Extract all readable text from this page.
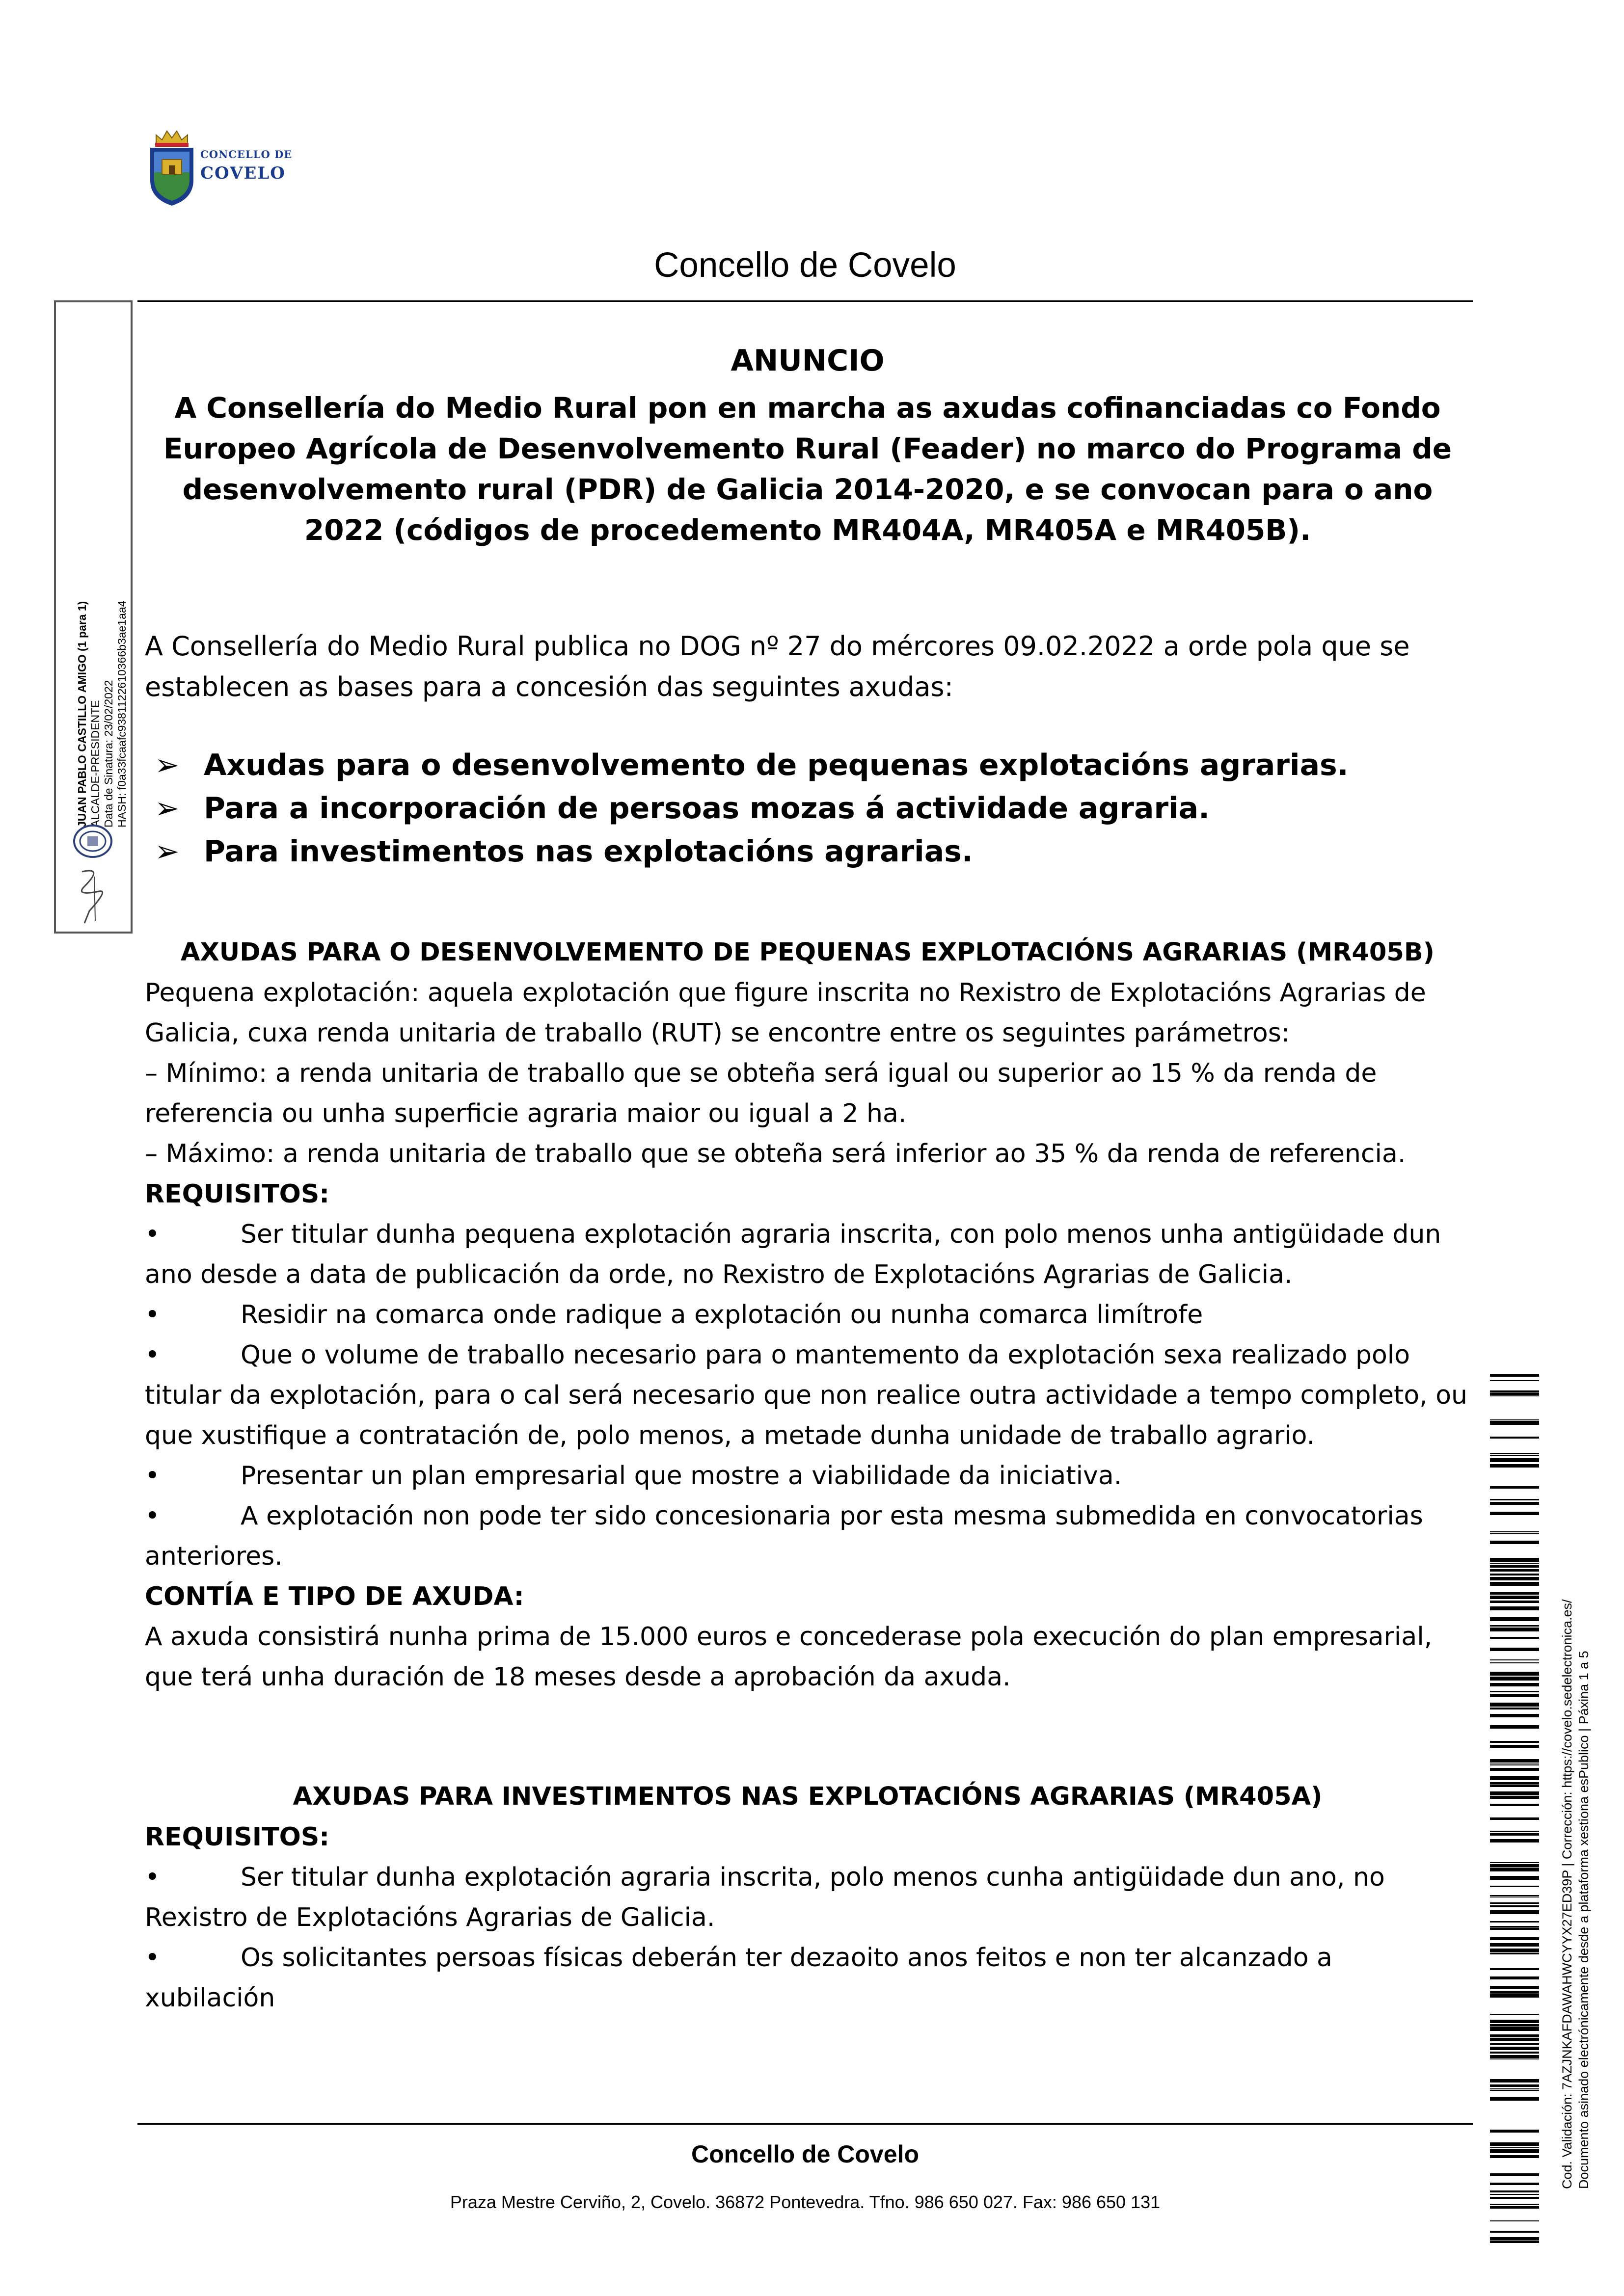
CONCELLO DE
COVELO
Concello de Covelo
JUAN PABLO CASTILLO AMIGO (1 para 1) ALCALDE-PRESIDENTE Data de Sinatura: 23/02/2022 HASH: f0a33fcaafc9381122610366b3ae1aa4
ANUNCIO
A Consellería do Medio Rural pon en marcha as axudas cofinanciadas co Fondo Europeo Agrícola de Desenvolvemento Rural (Feader) no marco do Programa de desenvolvemento rural (PDR) de Galicia 2014-2020, e se convocan para o ano 2022 (códigos de procedemento MR404A, MR405A e MR405B).
A Consellería do Medio Rural publica no DOG nº 27 do mércores 09.02.2022 a orde pola que se establecen as bases para a concesión das seguintes axudas:
➢ Axudas para o desenvolvemento de pequenas explotacións agrarias.
➢ Para a incorporación de persoas mozas á actividade agraria.
➢ Para investimentos nas explotacións agrarias.
AXUDAS PARA O DESENVOLVEMENTO DE PEQUENAS EXPLOTACIÓNS AGRARIAS (MR405B)
Pequena explotación: aquela explotación que figure inscrita no Rexistro de Explotacións Agrarias de Galicia, cuxa renda unitaria de traballo (RUT) se encontre entre os seguintes parámetros:
– Mínimo: a renda unitaria de traballo que se obteña será igual ou superior ao 15 % da renda de referencia ou unha superficie agraria maior ou igual a 2 ha.
– Máximo: a renda unitaria de traballo que se obteña será inferior ao 35 % da renda de referencia.
REQUISITOS:
•	Ser titular dunha pequena explotación agraria inscrita, con polo menos unha antigüidade dun ano desde a data de publicación da orde, no Rexistro de Explotacións Agrarias de Galicia.
•	Residir na comarca onde radique a explotación ou nunha comarca limítrofe
•	Que o volume de traballo necesario para o mantemento da explotación sexa realizado polo titular da explotación, para o cal será necesario que non realice outra actividade a tempo completo, ou que xustifique a contratación de, polo menos, a metade dunha unidade de traballo agrario.
•	Presentar un plan empresarial que mostre a viabilidade da iniciativa.
•	A explotación non pode ter sido concesionaria por esta mesma submedida en convocatorias anteriores.
CONTÍA E TIPO DE AXUDA:
A axuda consistirá nunha prima de 15.000 euros e concederase pola execución do plan empresarial, que terá unha duración de 18 meses desde a aprobación da axuda.
AXUDAS PARA INVESTIMENTOS NAS EXPLOTACIÓNS AGRARIAS (MR405A)
REQUISITOS:
•	Ser titular dunha explotación agraria inscrita, polo menos cunha antigüidade dun ano, no Rexistro de Explotacións Agrarias de Galicia.
•	Os solicitantes persoas físicas deberán ter dezaoito anos feitos e non ter alcanzado a xubilación
Concello de Covelo
Praza Mestre Cerviño, 2, Covelo. 36872 Pontevedra. Tfno. 986 650 027. Fax: 986 650 131
Cod. Validación: 7AZJNKAFDAWAHWCYYX27ED39P | Corrección: https://covelo.sedelectronica.es/ Documento asinado electrónicamente desde a plataforma xestiona esPublico | Páxina 1 a 5
